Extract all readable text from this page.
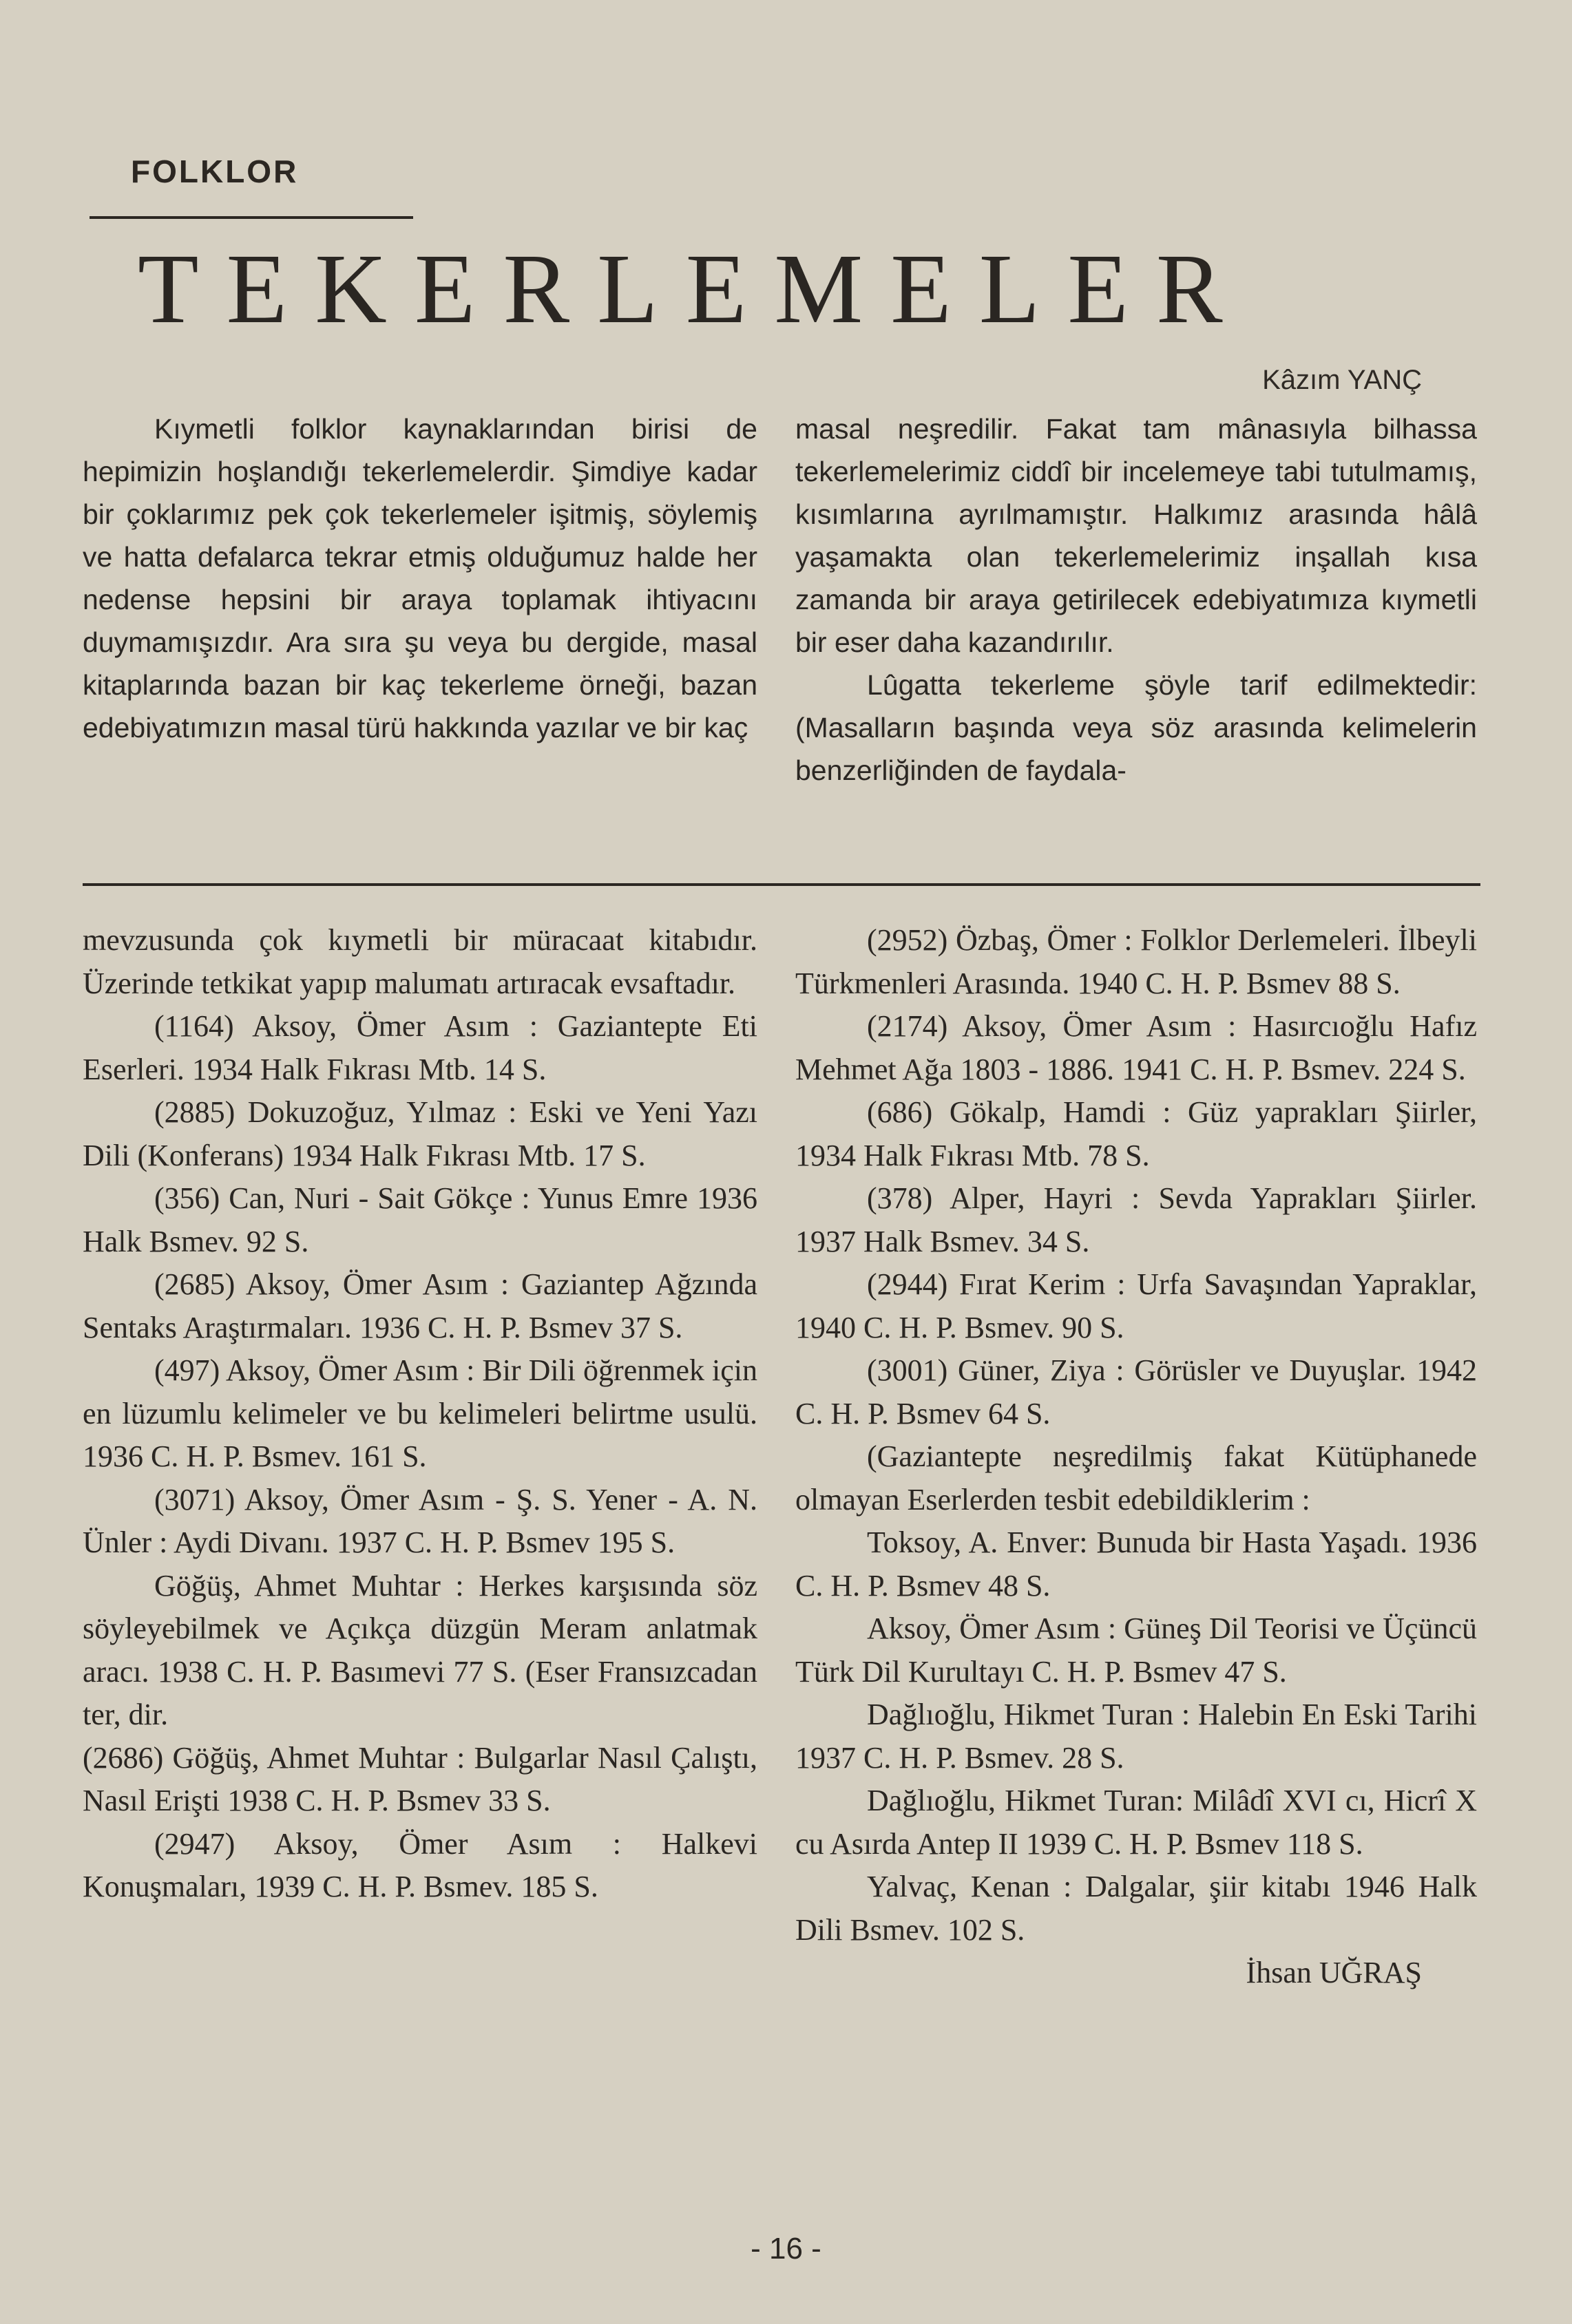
FOLKLOR
TEKERLEMELER
Kâzım YANÇ

Kıymetli folklor kaynaklarından birisi de hepimizin hoşlandığı tekerlemelerdir. Şimdiye kadar bir çoklarımız pek çok tekerlemeler işitmiş, söylemiş ve hatta defalarca tekrar etmiş olduğumuz halde her nedense hepsini bir araya toplamak ihtiyacını duymamışızdır. Ara sıra şu veya bu dergide, masal kitaplarında bazan bir kaç tekerleme örneği, bazan edebiyatımızın masal türü hakkında yazılar ve bir kaç

masal neşredilir. Fakat tam mânasıyla bilhassa tekerlemelerimiz ciddî bir incelemeye tabi tutulmamış, kısımlarına ayrılmamıştır. Halkımız arasında hâlâ yaşamakta olan tekerlemelerimiz inşallah kısa zamanda bir araya getirilecek edebiyatımıza kıymetli bir eser daha kazandırılır.

Lûgatta tekerleme şöyle tarif edilmektedir: (Masalların başında veya söz arasında kelimelerin benzerliğinden de faydala-

mevzusunda çok kıymetli bir müracaat kitabıdır. Üzerinde tetkikat yapıp malumatı artıracak evsaftadır.

(1164) Aksoy, Ömer Asım : Gaziantepte Eti Eserleri. 1934 Halk Fıkrası Mtb. 14 S.

(2885) Dokuzoğuz, Yılmaz : Eski ve Yeni Yazı Dili (Konferans) 1934 Halk Fıkrası Mtb. 17 S.

(356) Can, Nuri - Sait Gökçe : Yunus Emre 1936 Halk Bsmev. 92 S.

(2685) Aksoy, Ömer Asım : Gaziantep Ağzında Sentaks Araştırmaları. 1936 C. H. P. Bsmev 37 S.

(497) Aksoy, Ömer Asım : Bir Dili öğrenmek için en lüzumlu kelimeler ve bu kelimeleri belirtme usulü. 1936 C. H. P. Bsmev. 161 S.

(3071) Aksoy, Ömer Asım - Ş. S. Yener - A. N. Ünler : Aydi Divanı. 1937 C. H. P. Bsmev 195 S.

Göğüş, Ahmet Muhtar : Herkes karşısında söz söyleyebilmek ve Açıkça düzgün Meram anlatmak aracı. 1938 C. H. P. Basımevi 77 S. (Eser Fransızcadan ter, dir.

(2686) Göğüş, Ahmet Muhtar : Bulgarlar Nasıl Çalıştı, Nasıl Erişti 1938 C. H. P. Bsmev 33 S.

(2947) Aksoy, Ömer Asım : Halkevi Konuşmaları, 1939 C. H. P. Bsmev. 185 S.

(2952) Özbaş, Ömer : Folklor Derlemeleri. İlbeyli Türkmenleri Arasında. 1940 C. H. P. Bsmev 88 S.

(2174) Aksoy, Ömer Asım : Hasırcıoğlu Hafız Mehmet Ağa 1803 - 1886. 1941 C. H. P. Bsmev. 224 S.

(686) Gökalp, Hamdi : Güz yaprakları Şiirler, 1934 Halk Fıkrası Mtb. 78 S.

(378) Alper, Hayri : Sevda Yaprakları Şiirler. 1937 Halk Bsmev. 34 S.

(2944) Fırat Kerim : Urfa Savaşından Yapraklar, 1940 C. H. P. Bsmev. 90 S.

(3001) Güner, Ziya : Görüsler ve Duyuşlar. 1942 C. H. P. Bsmev 64 S.

(Gaziantepte neşredilmiş fakat Kütüphanede olmayan Eserlerden tesbit edebildiklerim :

Toksoy, A. Enver: Bunuda bir Hasta Yaşadı. 1936 C. H. P. Bsmev 48 S.

Aksoy, Ömer Asım : Güneş Dil Teorisi ve Üçüncü Türk Dil Kurultayı C. H. P. Bsmev 47 S.

Dağlıoğlu, Hikmet Turan : Halebin En Eski Tarihi 1937 C. H. P. Bsmev. 28 S.

Dağlıoğlu, Hikmet Turan: Milâdî XVI cı, Hicrî X cu Asırda Antep II 1939 C. H. P. Bsmev 118 S.

Yalvaç, Kenan : Dalgalar, şiir kitabı 1946 Halk Dili Bsmev. 102 S.

İhsan UĞRAŞ

- 16 -
